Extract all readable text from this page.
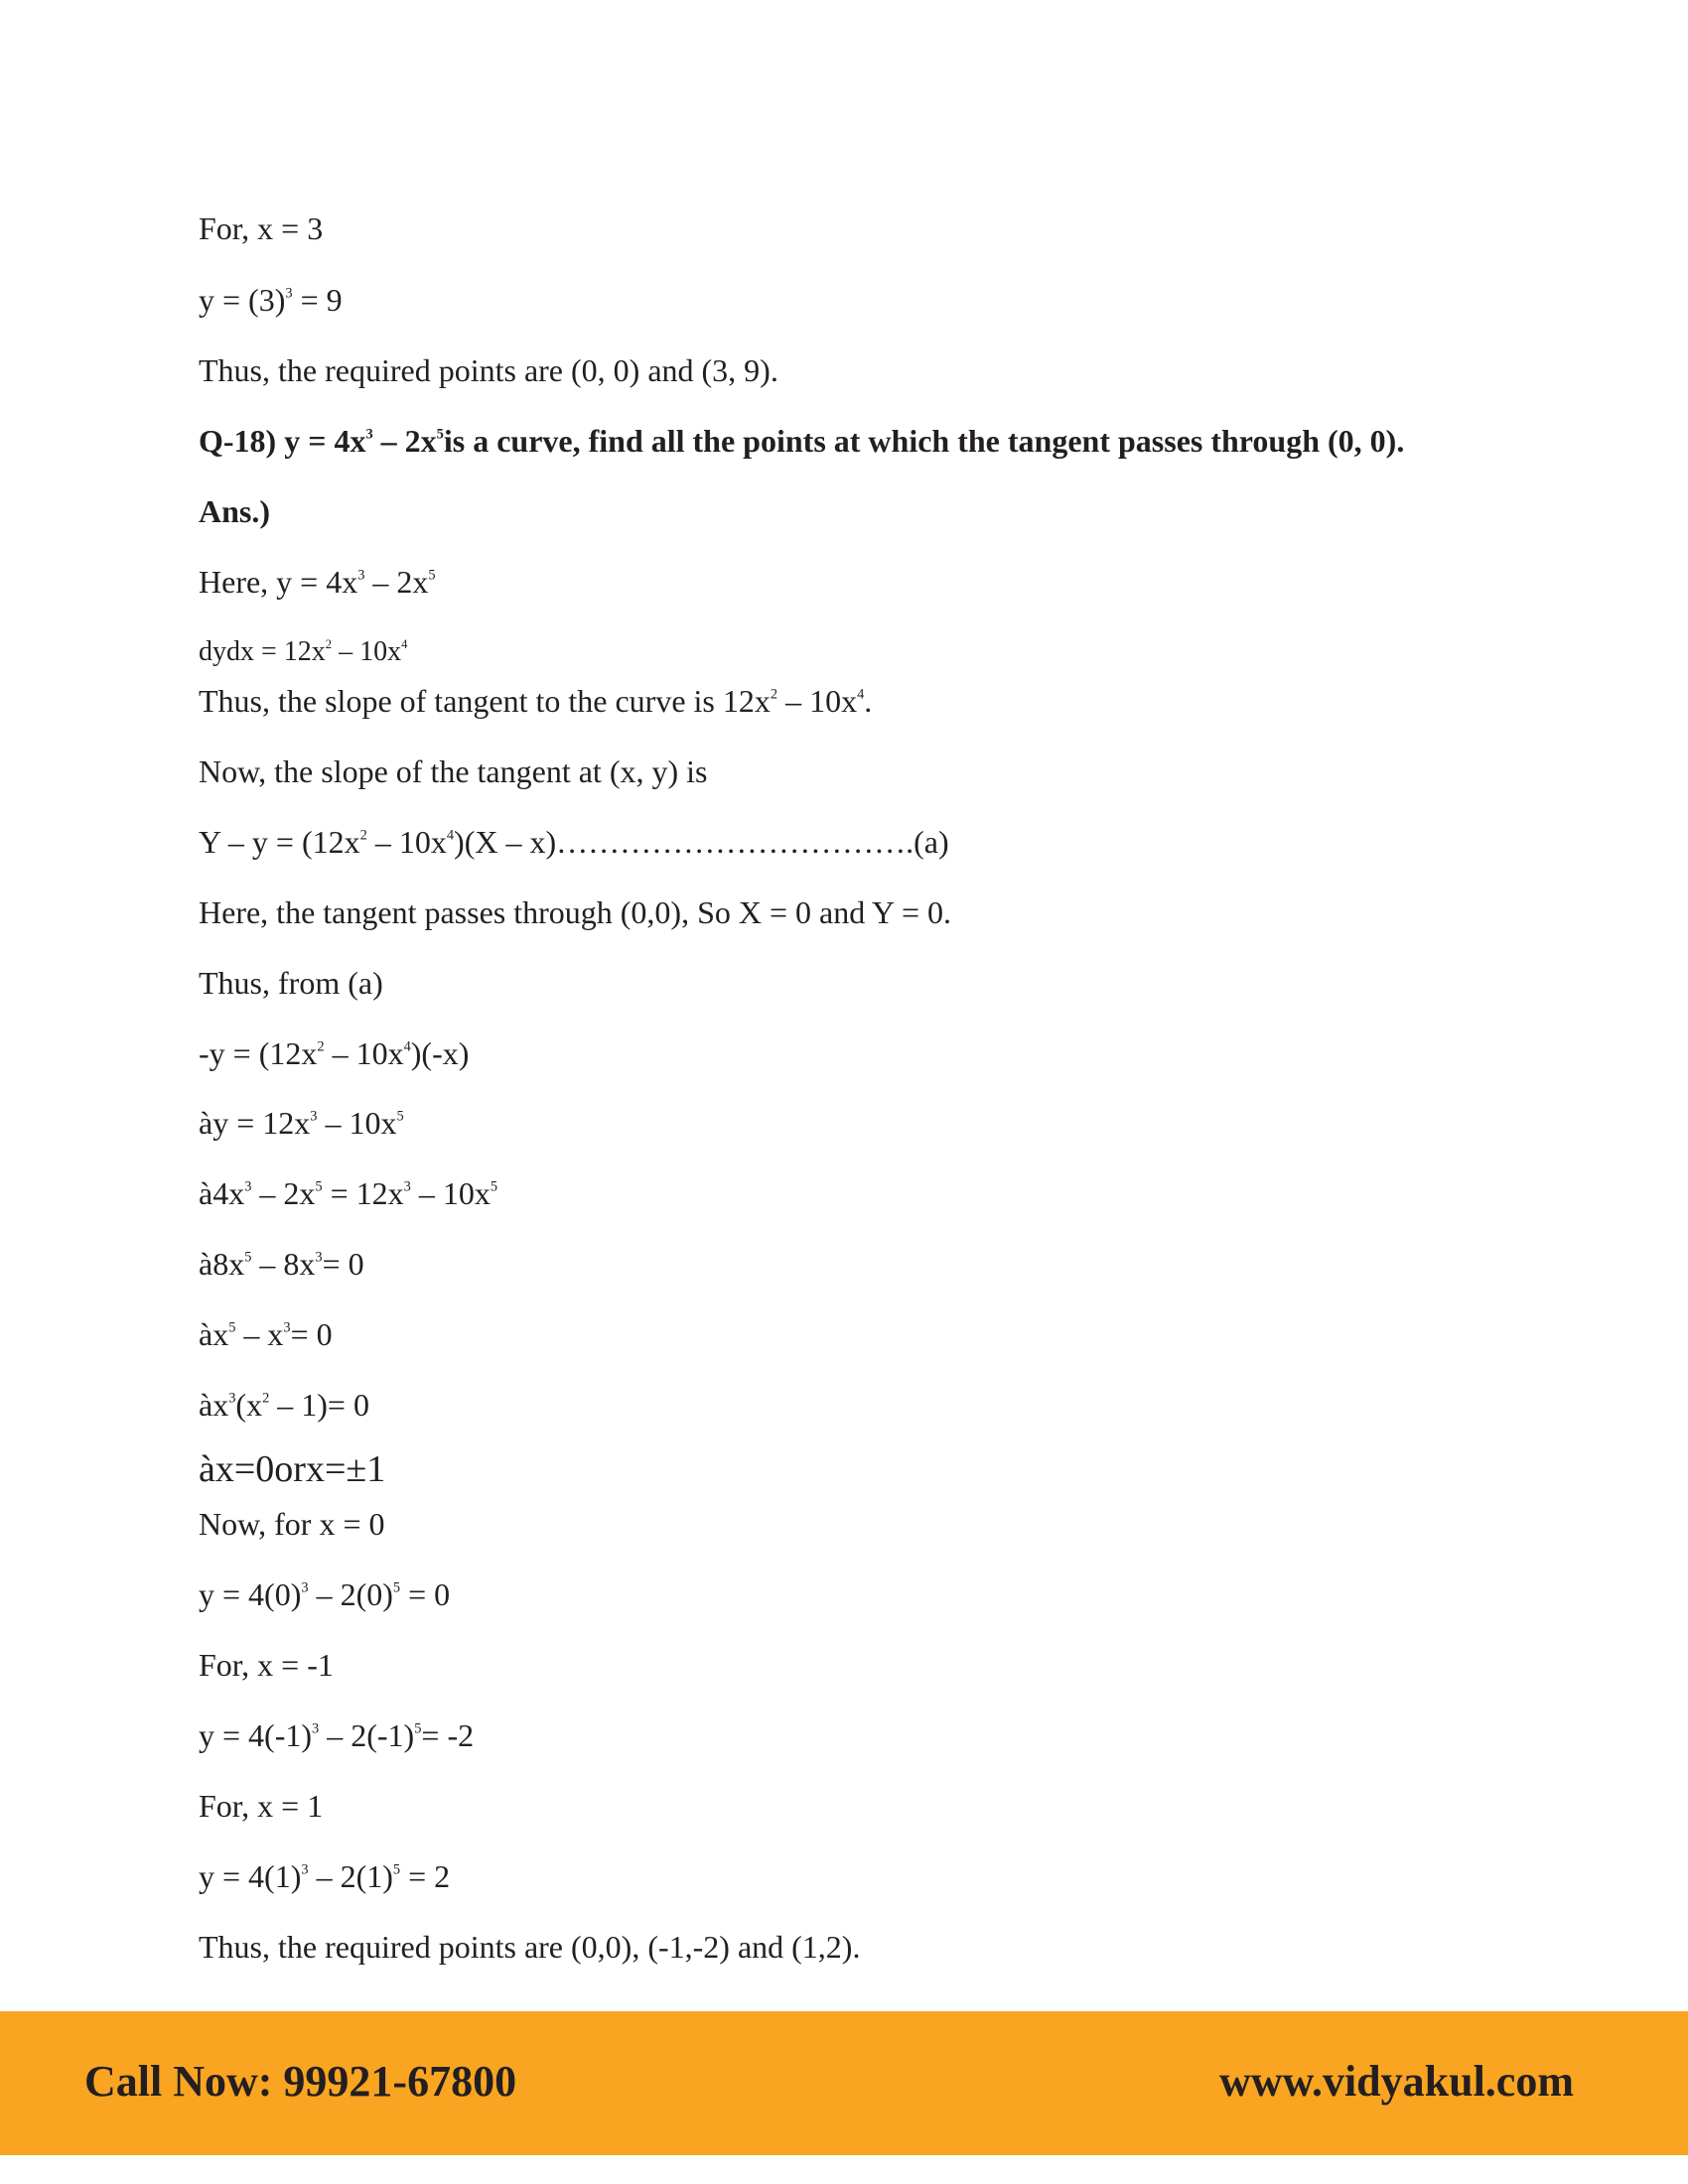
For, x = 3
$y = (3)^3 = 9$
Thus, the required points are (0, 0) and (3, 9).
Q-18) $y = 4x^3 - 2x^5is$ a curve, find all the points at which the tangent passes through (0, 0).
Ans.)
Here, $y = 4x^3 - 2x^5$
dydx = $12x^2 - 10x^4$
Thus, the slope of tangent to the curve is $12x^2 - 10x^4$.
Now, the slope of the tangent at (x, y) is
$Y - y = (12x^2 - 10x^4)(X$ – x)…………………………….(a)
Here, the tangent passes through (0,0), So X = 0 and Y = 0.
Thus, from (a)
$-y = (12x^2 - 10x^4)(-x)$
ày = $12x^3 - 10x^5$
$à4x^3 - 2x^5 = 12x^3 - 10x^5$
$à8x^5 - 8x^3= 0$
$àx^5 - x^3= 0$
$àx^3(x^2 - 1)= 0$
àx=0orx=±1
Now, for x = 0
$y = 4(0)^3 - 2(0)^5 = 0$
For, x = -1
$y = 4(-1)^3 - 2(-1)^5= -2$
For, x = 1
$y = 4(1)^3 - 2(1)^5 = 2$
Thus, the required points are (0,0), (-1,-2) and (1,2).
Call Now: 99921-67800	www.vidyakul.com
